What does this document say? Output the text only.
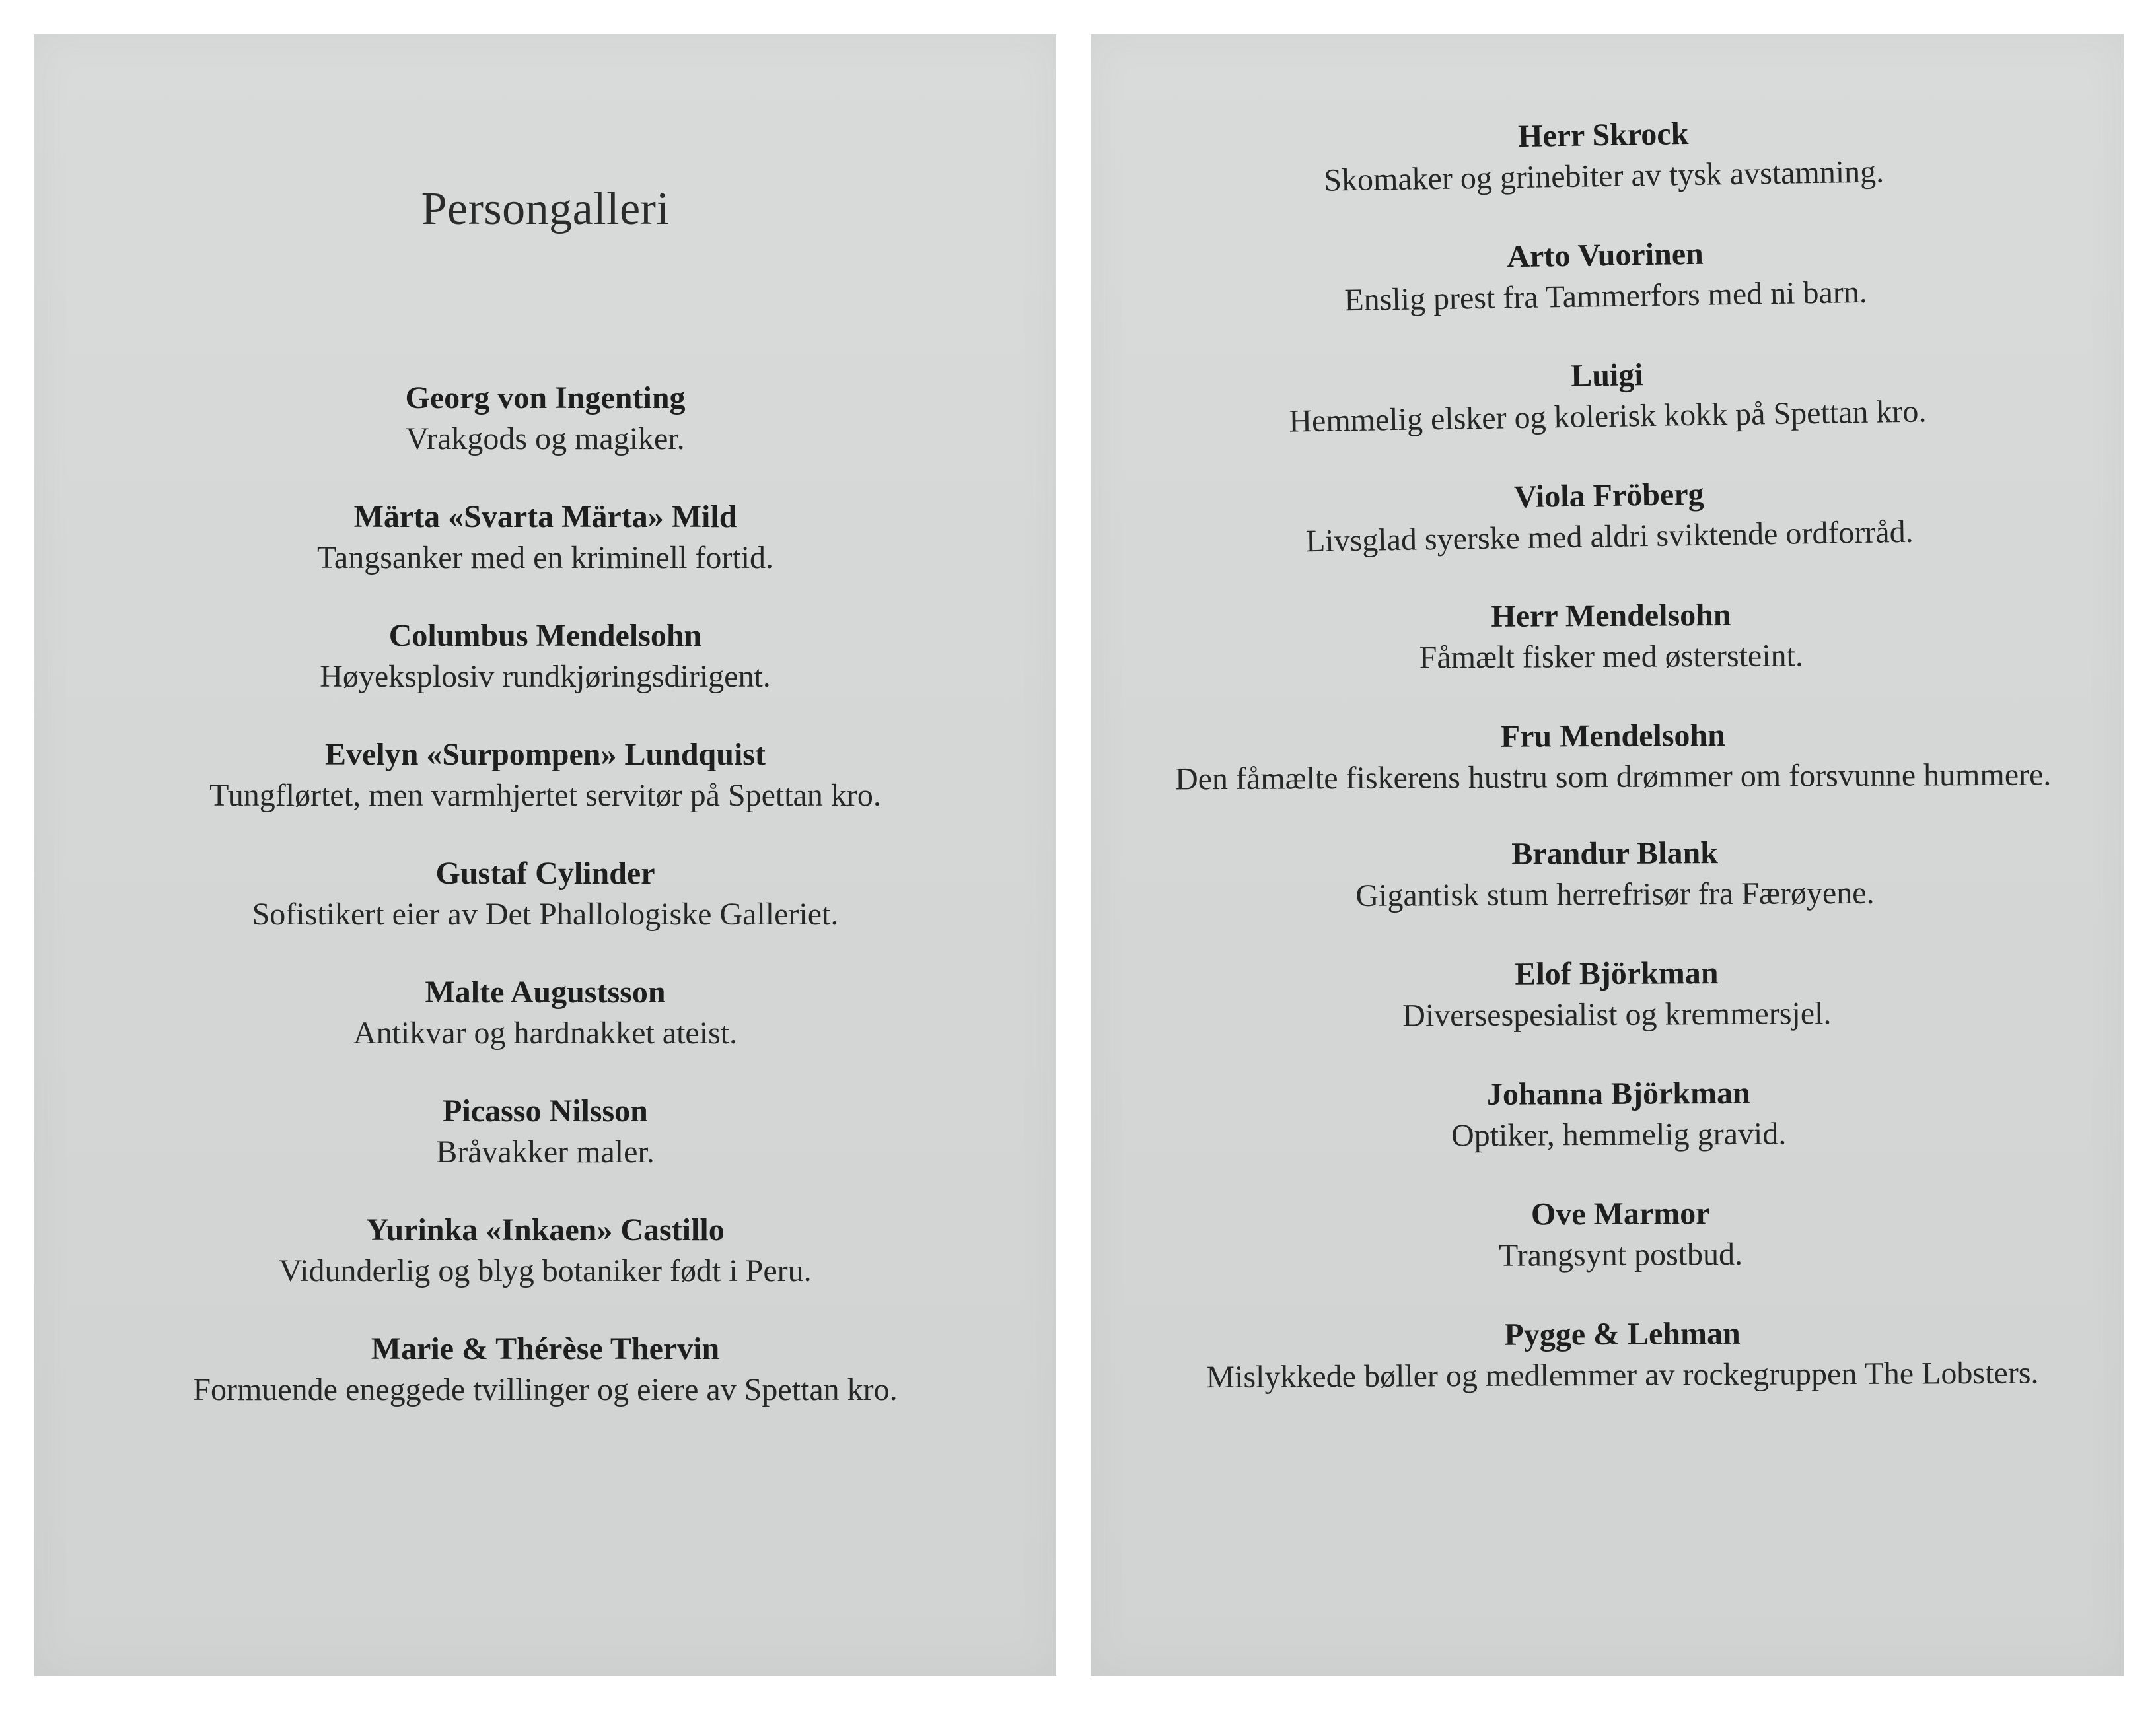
Persongalleri
Georg von Ingenting
Vrakgods og magiker.
Märta «Svarta Märta» Mild
Tangsanker med en kriminell fortid.
Columbus Mendelsohn
Høyeksplosiv rundkjøringsdirigent.
Evelyn «Surpompen» Lundquist
Tungflørtet, men varmhjertet servitør på Spettan kro.
Gustaf Cylinder
Sofistikert eier av Det Phallologiske Galleriet.
Malte Augustsson
Antikvar og hardnakket ateist.
Picasso Nilsson
Bråvakker maler.
Yurinka «Inkaen» Castillo
Vidunderlig og blyg botaniker født i Peru.
Marie & Thérèse Thervin
Formuende eneggede tvillinger og eiere av Spettan kro.
Herr Skrock
Skomaker og grinebiter av tysk avstamning.
Arto Vuorinen
Enslig prest fra Tammerfors med ni barn.
Luigi
Hemmelig elsker og kolerisk kokk på Spettan kro.
Viola Fröberg
Livsglad syerske med aldri sviktende ordforråd.
Herr Mendelsohn
Fåmælt fisker med østersteint.
Fru Mendelsohn
Den fåmælte fiskerens hustru som drømmer om forsvunne hummere.
Brandur Blank
Gigantisk stum herrefrisør fra Færøyene.
Elof Björkman
Diversespesialist og kremmersjel.
Johanna Björkman
Optiker, hemmelig gravid.
Ove Marmor
Trangsynt postbud.
Pygge & Lehman
Mislykkede bøller og medlemmer av rockegruppen The Lobsters.
